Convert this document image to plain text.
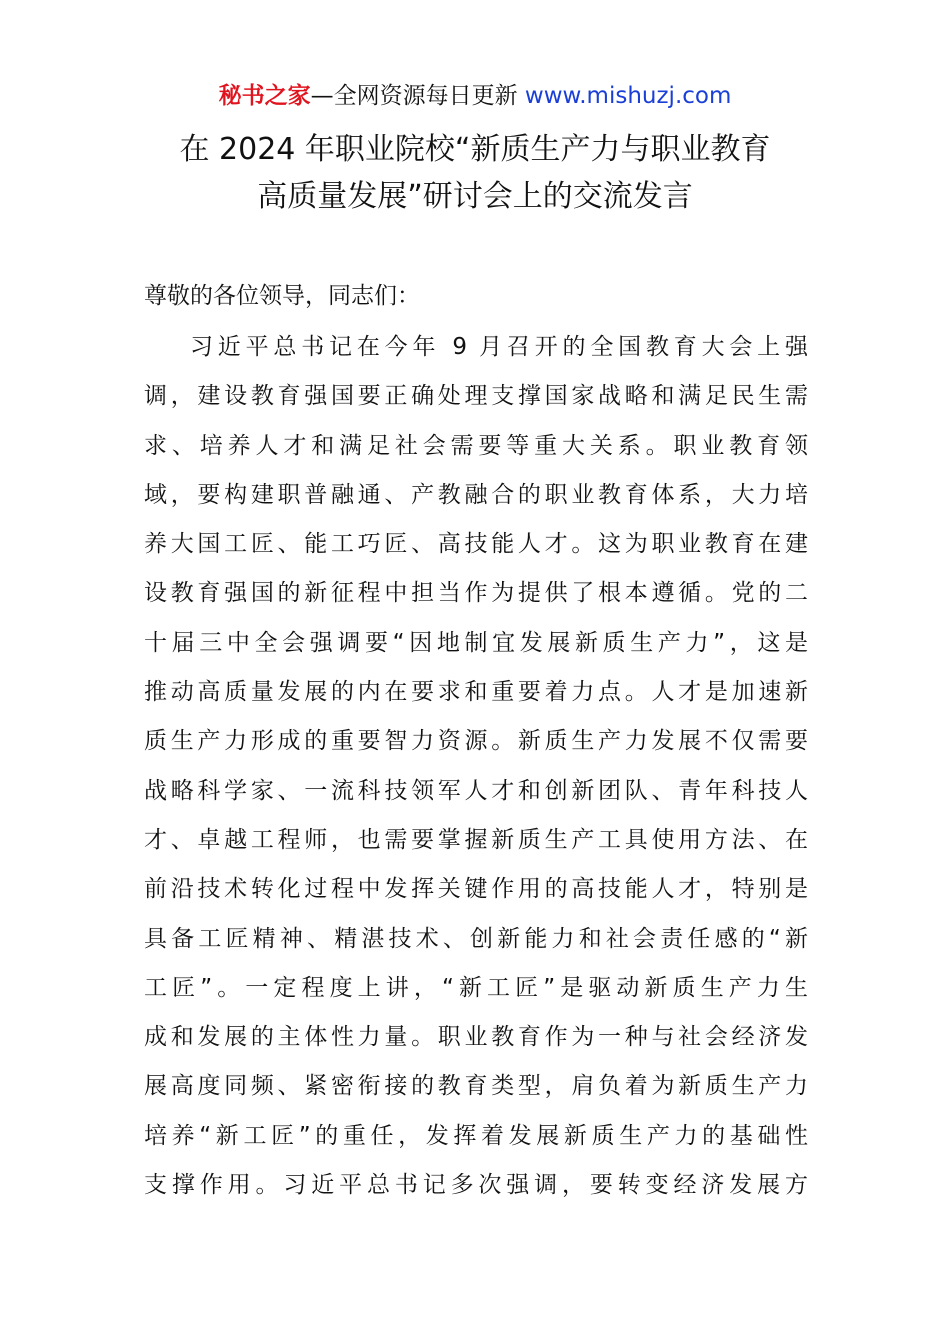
秘书之家—全网资源每日更新 www.mishuzj.com
在 2024 年职业院校“新质生产力与职业教育
高质量发展”研讨会上的交流发言
尊敬的各位领导，同志们：
习近平总书记在今年 9 月召开的全国教育大会上强
调，建设教育强国要正确处理支撑国家战略和满足民生需
求、培养人才和满足社会需要等重大关系。职业教育领
域，要构建职普融通、产教融合的职业教育体系，大力培
养大国工匠、能工巧匠、高技能人才。这为职业教育在建
设教育强国的新征程中担当作为提供了根本遵循。党的二
十届三中全会强调要“因地制宜发展新质生产力”，这是
推动高质量发展的内在要求和重要着力点。人才是加速新
质生产力形成的重要智力资源。新质生产力发展不仅需要
战略科学家、一流科技领军人才和创新团队、青年科技人
才、卓越工程师，也需要掌握新质生产工具使用方法、在
前沿技术转化过程中发挥关键作用的高技能人才，特别是
具备工匠精神、精湛技术、创新能力和社会责任感的“新
工匠”。一定程度上讲，“新工匠”是驱动新质生产力生
成和发展的主体性力量。职业教育作为一种与社会经济发
展高度同频、紧密衔接的教育类型，肩负着为新质生产力
培养“新工匠”的重任，发挥着发展新质生产力的基础性
支撑作用。习近平总书记多次强调，要转变经济发展方
